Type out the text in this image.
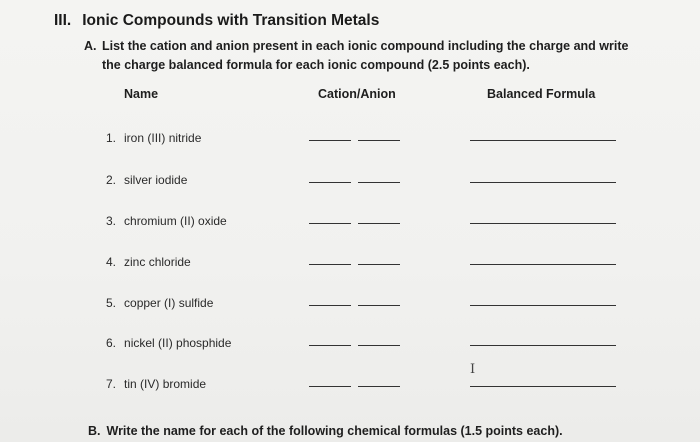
III. Ionic Compounds with Transition Metals
A. List the cation and anion present in each ionic compound including the charge and write the charge balanced formula for each ionic compound (2.5 points each).
Name	Cation/Anion	Balanced Formula
1. iron (III) nitride
2. silver iodide
3. chromium (II) oxide
4. zinc chloride
5. copper (I) sulfide
6. nickel (II) phosphide
7. tin (IV) bromide
I
B. Write the name for each of the following chemical formulas (1.5 points each).
